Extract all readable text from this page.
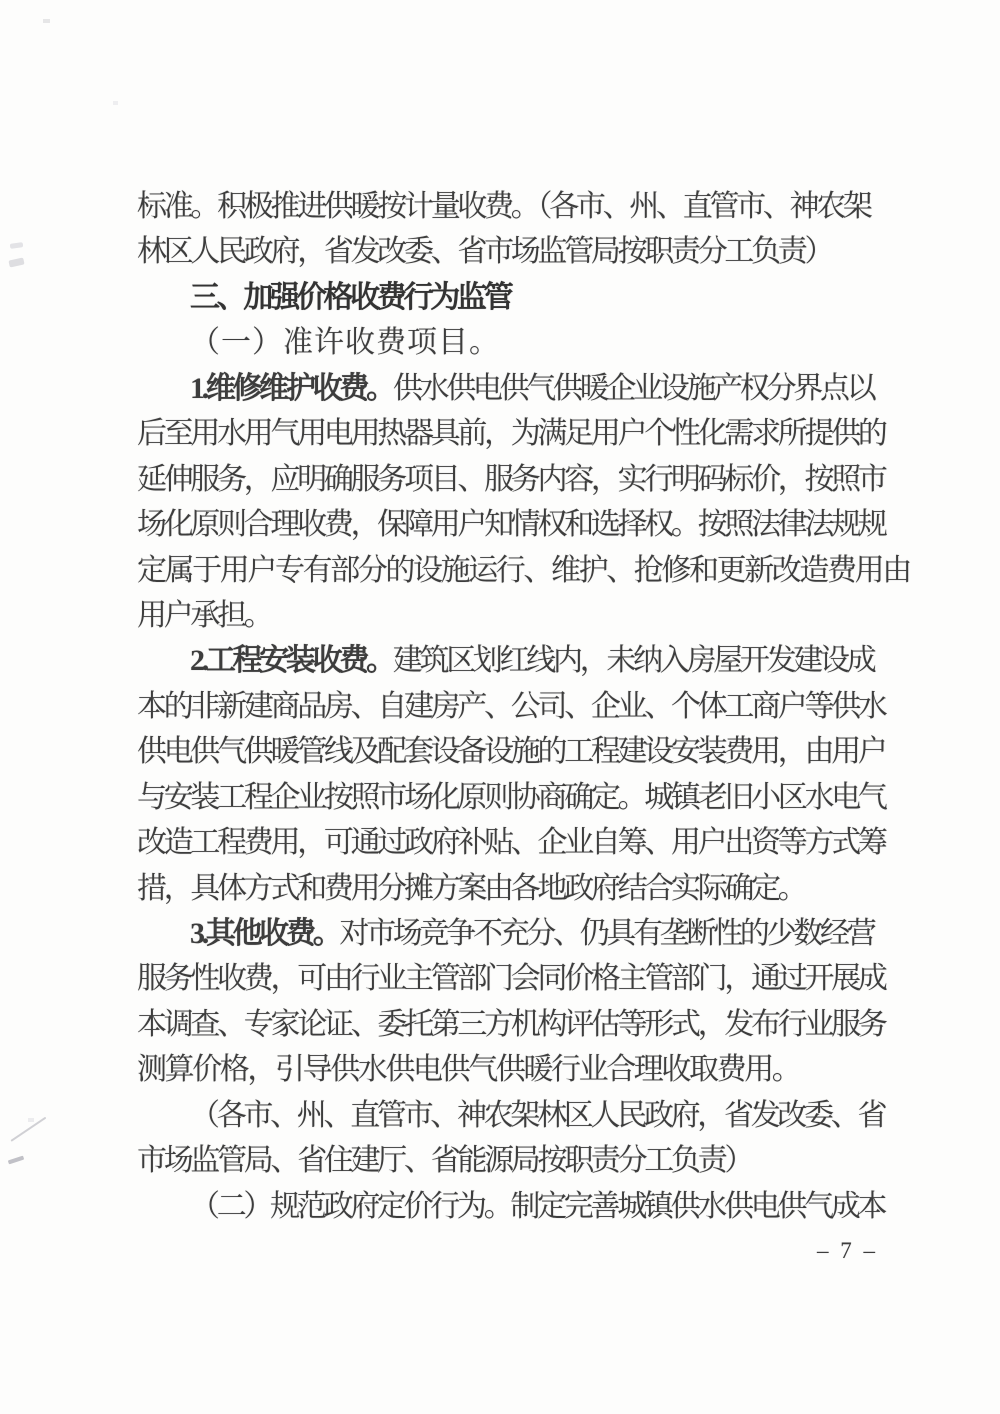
标准。积极推进供暖按计量收费。（各市、州、直管市、神农架
林区人民政府，省发改委、省市场监管局按职责分工负责）
三、加强价格收费行为监管
（一）准许收费项目。
1.维修维护收费。供水供电供气供暖企业设施产权分界点以
后至用水用气用电用热器具前，为满足用户个性化需求所提供的
延伸服务，应明确服务项目、服务内容，实行明码标价，按照市
场化原则合理收费，保障用户知情权和选择权。按照法律法规规
定属于用户专有部分的设施运行、维护、抢修和更新改造费用由
用户承担。
2.工程安装收费。建筑区划红线内，未纳入房屋开发建设成
本的非新建商品房、自建房产、公司、企业、个体工商户等供水
供电供气供暖管线及配套设备设施的工程建设安装费用，由用户
与安装工程企业按照市场化原则协商确定。城镇老旧小区水电气
改造工程费用，可通过政府补贴、企业自筹、用户出资等方式筹
措，具体方式和费用分摊方案由各地政府结合实际确定。
3.其他收费。对市场竞争不充分、仍具有垄断性的少数经营
服务性收费，可由行业主管部门会同价格主管部门，通过开展成
本调查、专家论证、委托第三方机构评估等形式，发布行业服务
测算价格，引导供水供电供气供暖行业合理收取费用。
（各市、州、直管市、神农架林区人民政府，省发改委、省
市场监管局、省住建厅、省能源局按职责分工负责）
（二）规范政府定价行为。制定完善城镇供水供电供气成本
– 7 –
